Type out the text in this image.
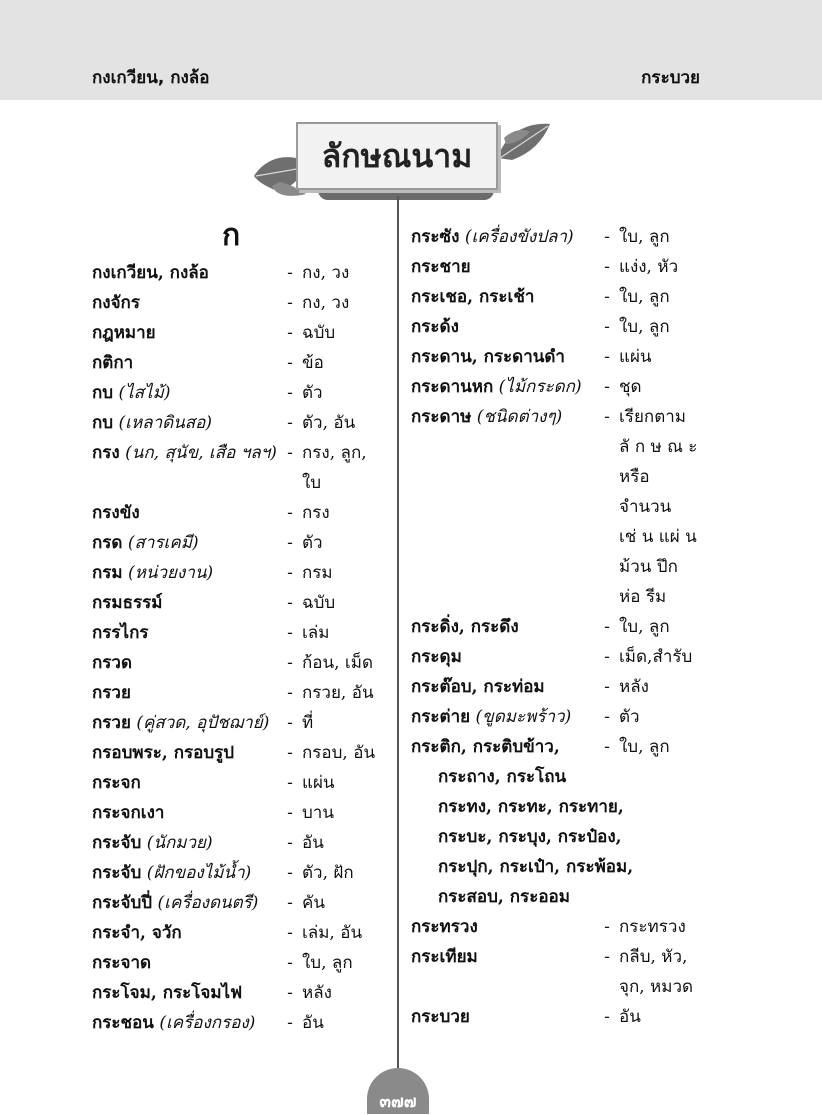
กงเกวียน, กงล้อ	กระบวย
ลักษณนาม
ก
กงเกวียน, กงล้อ	- กง, วง
กงจักร	- กง, วง
กฎหมาย	- ฉบับ
กติกา	- ข้อ
กบ (ไสไม้)	- ตัว
กบ (เหลาดินสอ)	- ตัว, อัน
กรง (นก, สุนัข, เสือ ฯลฯ) - กรง, ลูก,
ใบ
กรงขัง	- กรง
กรด (สารเคมี)	- ตัว
กรม (หน่วยงาน)	- กรม
กรมธรรม์	- ฉบับ
กรรไกร	- เล่ม
กรวด	- ก้อน, เม็ด
กรวย	- กรวย, อัน
กรวย (คู่สวด, อุปัชฌาย์)	- ที่
กรอบพระ, กรอบรูป	- กรอบ, อัน
กระจก	- แผ่น
กระจกเงา	- บาน
กระจับ (นักมวย)	- อัน
กระจับ (ฝักของไม้น้ำ)	- ตัว, ฝัก
กระจับปี่ (เครื่องดนตรี)	- คัน
กระจำ, จวัก	- เล่ม, อัน
กระจาด	- ใบ, ลูก
กระโจม, กระโจมไฟ	- หลัง
กระชอน (เครื่องกรอง)	- อัน
กระซัง (เครื่องขังปลา)	- ใบ, ลูก
กระชาย	- แง่ง, หัว
กระเชอ, กระเช้า	- ใบ, ลูก
กระด้ง	- ใบ, ลูก
กระดาน, กระดานดำ	- แผ่น
กระดานหก (ไม้กระดก)	- ชุด
กระดาษ (ชนิดต่างๆ)	- เรียกตาม
ลั ก ษ ณ ะ
หรือ
จำนวน
เช่ น แผ่ น
ม้วน ปึก
ห่อ รีม
กระดิ่ง, กระดึง	- ใบ, ลูก
กระดุม	- เม็ด,สำรับ
กระต๊อบ, กระท่อม	- หลัง
กระต่าย (ขูดมะพร้าว)	- ตัว
กระติก, กระติบข้าว,	- ใบ, ลูก
กระถาง, กระโถน
กระทง, กระทะ, กระทาย,
กระบะ, กระบุง, กระป๋อง,
กระปุก, กระเป๋า, กระพ้อม,
กระสอบ, กระออม
กระทรวง	- กระทรวง
กระเทียม	- กลีบ, หัว,
จุก, หมวด
กระบวย	- อัน
๓๗๗
